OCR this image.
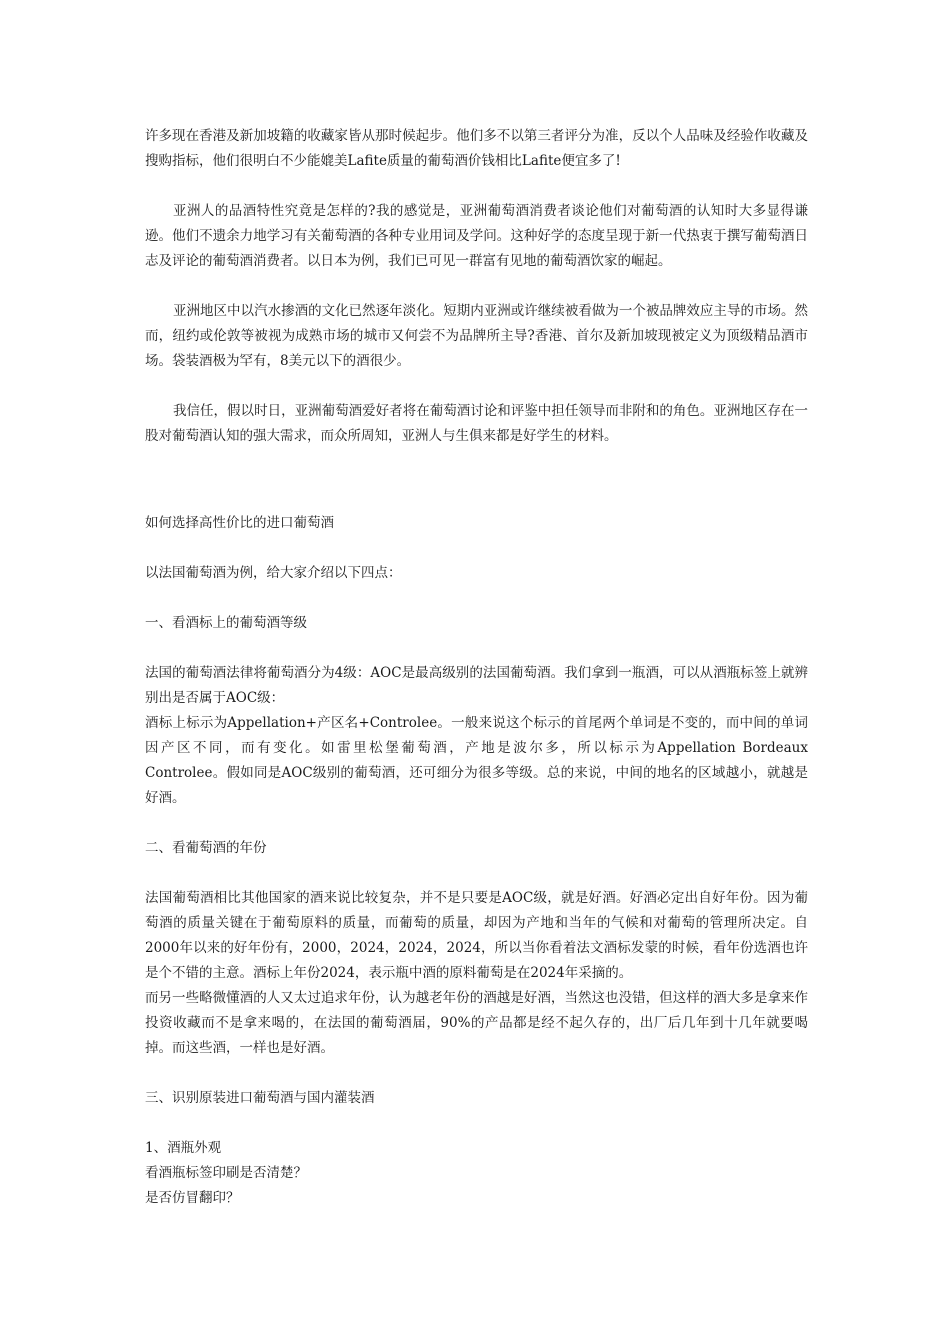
许多现在香港及新加坡籍的收藏家皆从那时候起步。他们多不以第三者评分为准，反以个人品味及经验作收藏及搜购指标，他们很明白不少能媲美Lafite质量的葡萄酒价钱相比Lafite便宜多了!

亚洲人的品酒特性究竟是怎样的?我的感觉是，亚洲葡萄酒消费者谈论他们对葡萄酒的认知时大多显得谦逊。他们不遗余力地学习有关葡萄酒的各种专业用词及学问。这种好学的态度呈现于新一代热衷于撰写葡萄酒日志及评论的葡萄酒消费者。以日本为例，我们已可见一群富有见地的葡萄酒饮家的崛起。

亚洲地区中以汽水掺酒的文化已然逐年淡化。短期内亚洲或许继续被看做为一个被品牌效应主导的市场。然而，纽约或伦敦等被视为成熟市场的城市又何尝不为品牌所主导?香港、首尔及新加坡现被定义为顶级精品酒市场。袋装酒极为罕有，8美元以下的酒很少。

我信任，假以时日，亚洲葡萄酒爱好者将在葡萄酒讨论和评鉴中担任领导而非附和的角色。亚洲地区存在一股对葡萄酒认知的强大需求，而众所周知，亚洲人与生俱来都是好学生的材料。

如何选择高性价比的进口葡萄酒

以法国葡萄酒为例，给大家介绍以下四点：

一、看酒标上的葡萄酒等级

法国的葡萄酒法律将葡萄酒分为4级：AOC是最高级别的法国葡萄酒。我们拿到一瓶酒，可以从酒瓶标签上就辨别出是否属于AOC级：

酒标上标示为Appellation+产区名+Controlee。一般来说这个标示的首尾两个单词是不变的，而中间的单词因产区不同，而有变化。如雷里松堡葡萄酒，产地是波尔多，所以标示为Appellation Bordeaux Controlee。假如同是AOC级别的葡萄酒，还可细分为很多等级。总的来说，中间的地名的区域越小，就越是好酒。

二、看葡萄酒的年份

法国葡萄酒相比其他国家的酒来说比较复杂，并不是只要是AOC级，就是好酒。好酒必定出自好年份。因为葡萄酒的质量关键在于葡萄原料的质量，而葡萄的质量，却因为产地和当年的气候和对葡萄的管理所决定。自2000年以来的好年份有，2000，2024，2024，2024，所以当你看着法文酒标发蒙的时候，看年份选酒也许是个不错的主意。酒标上年份2024，表示瓶中酒的原料葡萄是在2024年采摘的。

而另一些略微懂酒的人又太过追求年份，认为越老年份的酒越是好酒，当然这也没错，但这样的酒大多是拿来作投资收藏而不是拿来喝的，在法国的葡萄酒届，90%的产品都是经不起久存的，出厂后几年到十几年就要喝掉。而这些酒，一样也是好酒。

三、识别原装进口葡萄酒与国内灌装酒

1、酒瓶外观

看酒瓶标签印刷是否清楚？

是否仿冒翻印？
